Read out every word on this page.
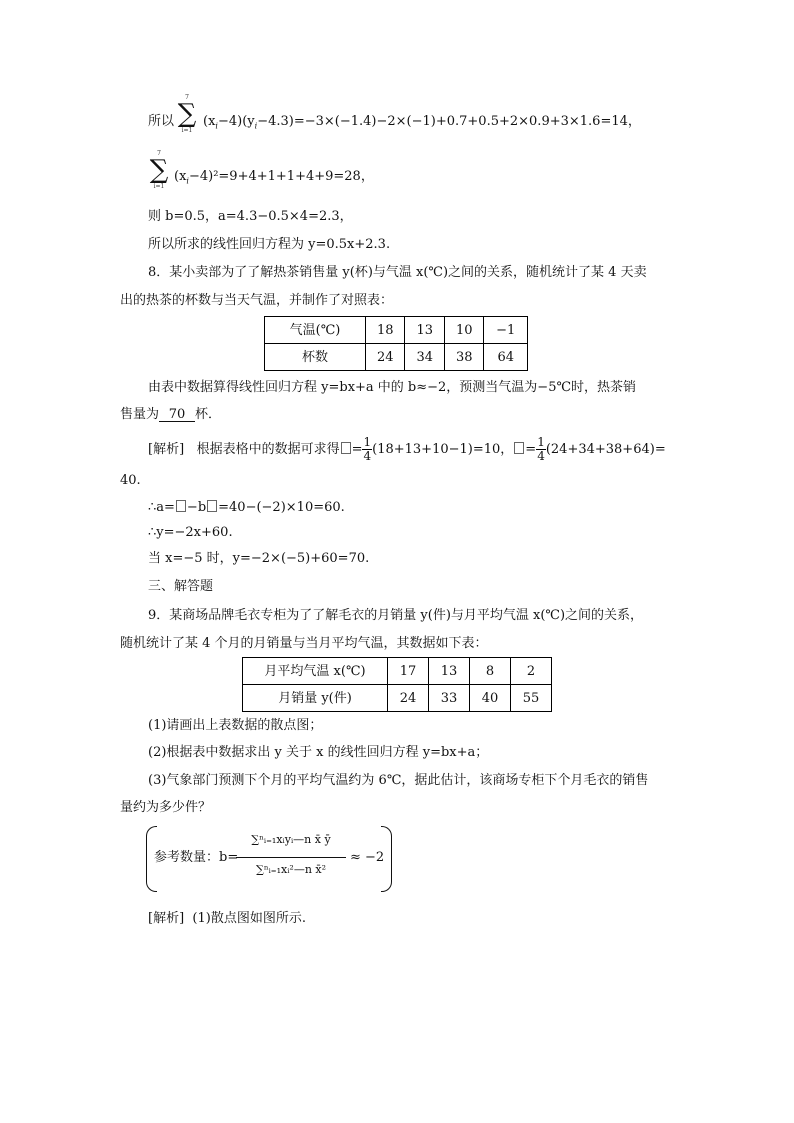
所以
7
∑
i=1
$(x_i-4)(y_i-4.3)=-3\times(-1.4)-2\times(-1)+0.7+0.5+2\times 0.9+3\times 1.6=14$，
7
∑
i=1
$(x_i-4)^2=9+4+1+1+4+9=28$，
则 b=0.5，a=4.3−0.5×4=2.3，
所以所求的线性回归方程为 y=0.5x+2.3.
8．某小卖部为了了解热茶销售量 y(杯)与气温 x(℃)之间的关系，随机统计了某 4 天卖
出的热茶的杯数与当天气温，并制作了对照表：
气温(℃)	18	13	10	−1
杯数	24	34	38	64
由表中数据算得线性回归方程 y=bx+a 中的 b≈−2，预测当气温为−5℃时，热茶销
售量为 70 杯．
[解析] 根据表格中的数据可求得 = $\frac{1}{4} (18+13+10-1)=10$， = $\frac{1}{4} (24+34+38+64)=$
40.
∴a= −b =40−(−2)×10=60.
∴y=−2x+60.
当 x=−5 时，y=−2×(−5)+60=70.
三、解答题
9．某商场品牌毛衣专柜为了了解毛衣的月销量 y(件)与月平均气温 x(℃)之间的关系，
随机统计了某 4 个月的月销量与当月平均气温，其数据如下表：
月平均气温 x(℃)	17	13	8	2
月销量 y(件)	24	33	40	55
(1)请画出上表数据的散点图；
(2)根据表中数据求出 y 关于 x 的线性回归方程 y=bx+a；
(3)气象部门预测下个月的平均气温约为 6℃，据此估计，该商场专柜下个月毛衣的销售
量约为多少件？
参考数量：b=
∑ⁿᵢ₌₁xᵢyᵢ—n x̄ ȳ
∑ⁿᵢ₌₁xᵢ²—n x̄²
≈ −2
[解析] (1)散点图如图所示.
